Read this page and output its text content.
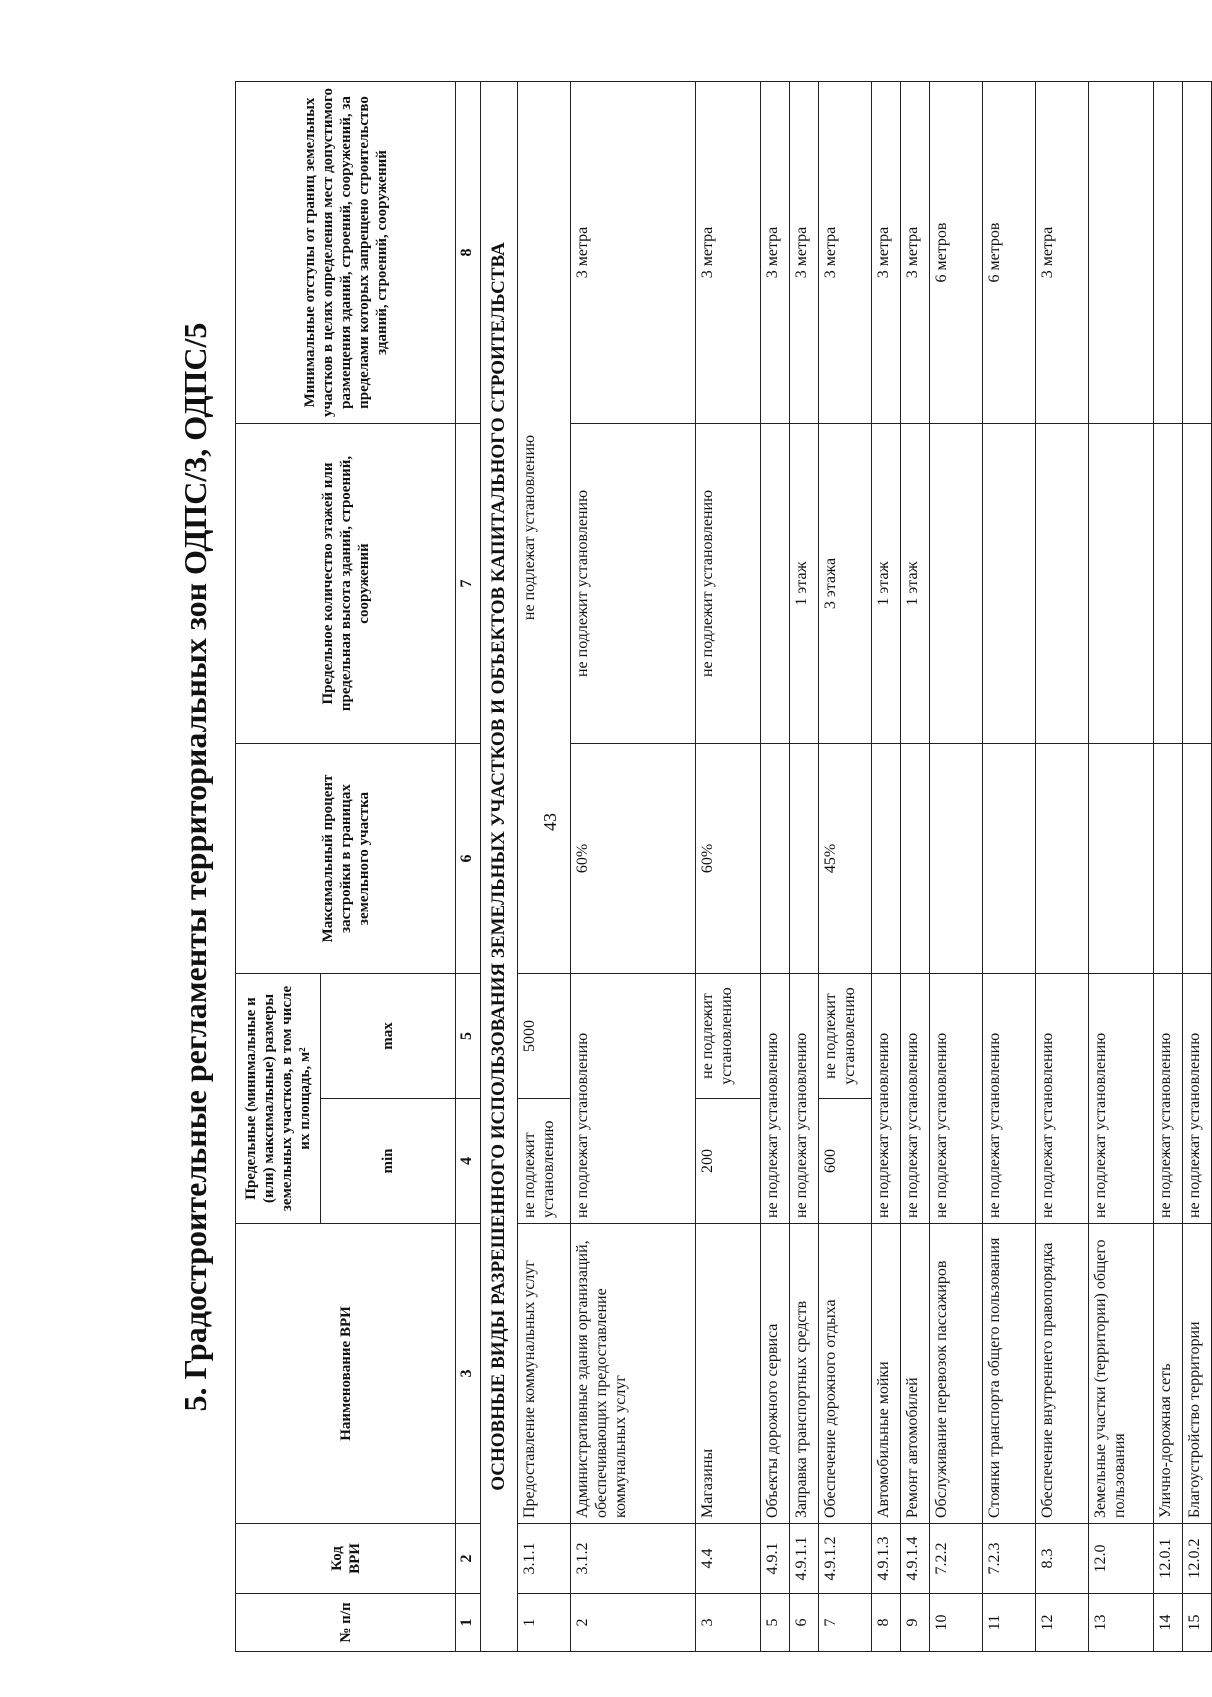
43
5. Градостроительные регламенты территориальных зон ОДПС/3, ОДПС/5
№ п/п	Код ВРИ	Наименование ВРИ	Предельные (минимальные и (или) максимальные) размеры земельных участков, в том числе их площадь, м²		Максимальный процент застройки в границах земельного участка	Предельное количество этажей или предельная высота зданий, строений, сооружений	Минимальные отступы от границ земельных участков в целях определения мест допустимого размещения зданий, строений, сооружений, за пределами которых запрещено строительство зданий, строений, сооружений
			min	max			
1	2	3	4	5	6	7	8
ОСНОВНЫЕ ВИДЫ РАЗРЕШЕННОГО ИСПОЛЬЗОВАНИЯ ЗЕМЕЛЬНЫХ УЧАСТКОВ И ОБЪЕКТОВ КАПИТАЛЬНОГО СТРОИТЕЛЬСТВА							
1	3.1.1	Предоставление коммунальных услуг	не подлежит установлению	5000	не подлежат установлению		
2	3.1.2	Административные здания организаций, обеспечивающих предоставление коммунальных услуг	не подлежат установлению		60%	не подлежит установлению	3 метра
3	4.4	Магазины	200	не подлежит установлению	60%	не подлежит установлению	3 метра
5	4.9.1	Объекты дорожного сервиса	не подлежат установлению				3 метра
6	4.9.1.1	Заправка транспортных средств	не подлежат установлению			1 этаж	3 метра
7	4.9.1.2	Обеспечение дорожного отдыха	600	не подлежит установлению	45%	3 этажа	3 метра
8	4.9.1.3	Автомобильные мойки	не подлежат установлению			1 этаж	3 метра
9	4.9.1.4	Ремонт автомобилей	не подлежат установлению			1 этаж	3 метра
10	7.2.2	Обслуживание перевозок пассажиров	не подлежат установлению				6 метров
11	7.2.3	Стоянки транспорта общего пользования	не подлежат установлению				6 метров
12	8.3	Обеспечение внутреннего правопорядка	не подлежат установлению				3 метра
13	12.0	Земельные участки (территории) общего пользования	не подлежат установлению				
14	12.0.1	Улично-дорожная сеть	не подлежат установлению				
15	12.0.2	Благоустройство территории	не подлежат установлению				
